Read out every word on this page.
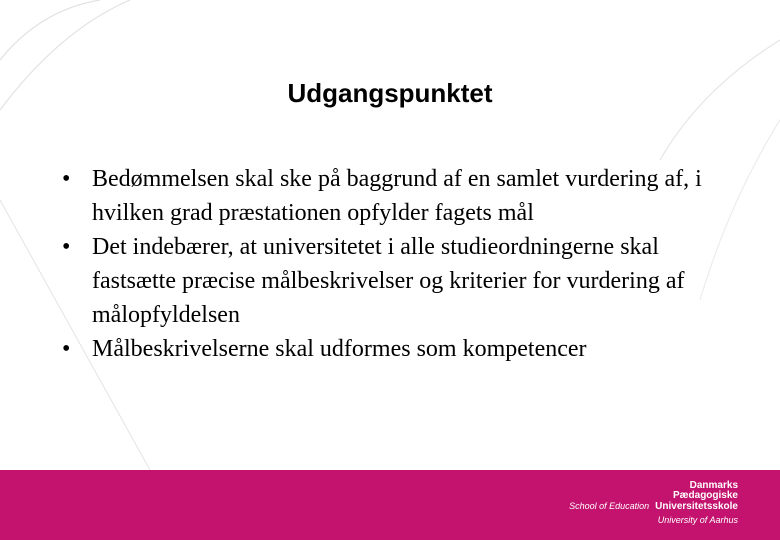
Udgangspunktet
• Bedømmelsen skal ske på baggrund af en samlet vurdering af, i hvilken grad præstationen opfylder fagets mål
• Det indebærer, at universitetet i alle studieordningerne skal fastsætte præcise målbeskrivelser og kriterier for vurdering af målopfyldelsen
• Målbeskrivelserne skal udformes som kompetencer
Danmarks
Pædagogiske
School of Education Universitetsskole
University of Aarhus
